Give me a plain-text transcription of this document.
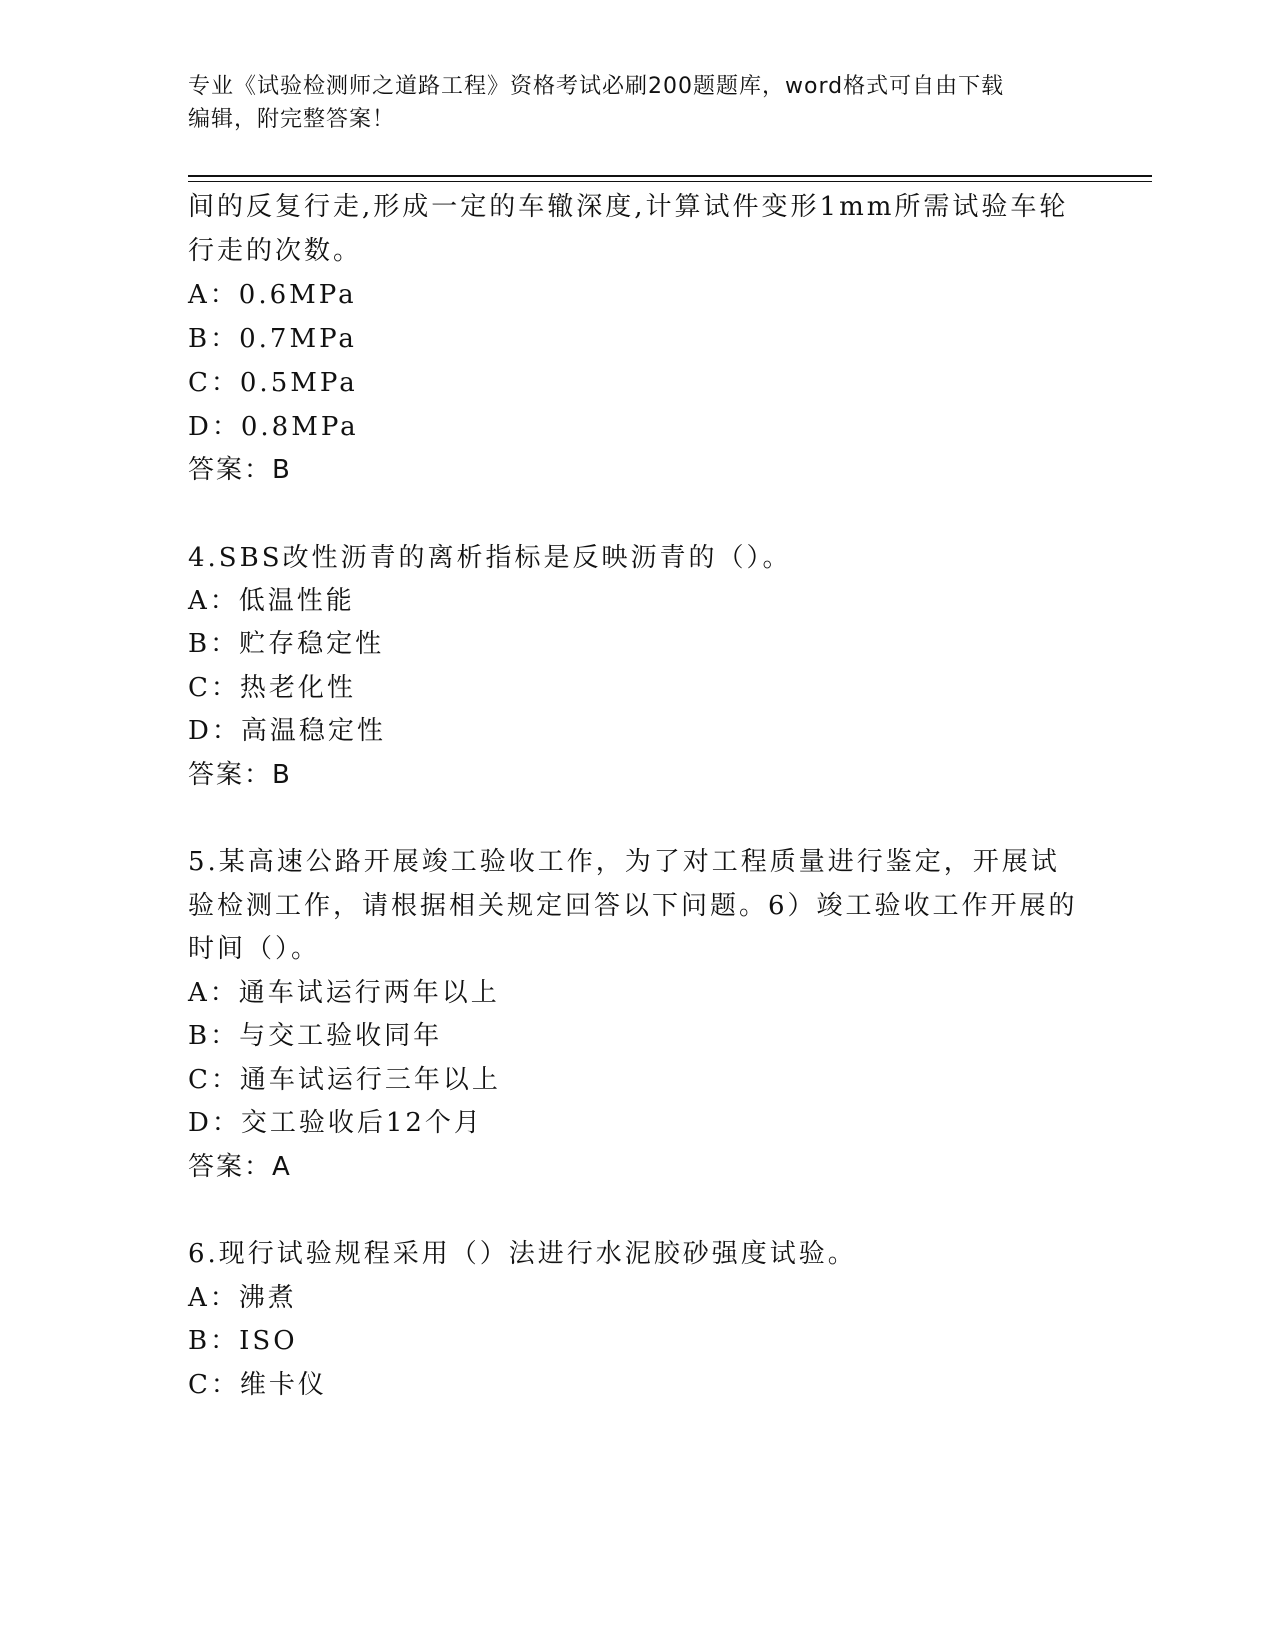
专业《试验检测师之道路工程》资格考试必刷200题题库，word格式可自由下载
编辑，附完整答案！
间的反复行走,形成一定的车辙深度,计算试件变形1mm所需试验车轮
行走的次数。
A：0.6MPa
B：0.7MPa
C：0.5MPa
D：0.8MPa
答案：B
4.SBS改性沥青的离析指标是反映沥青的（）。
A：低温性能
B：贮存稳定性
C：热老化性
D：高温稳定性
答案：B
5.某高速公路开展竣工验收工作，为了对工程质量进行鉴定，开展试
验检测工作，请根据相关规定回答以下问题。6）竣工验收工作开展的
时间（）。
A：通车试运行两年以上
B：与交工验收同年
C：通车试运行三年以上
D：交工验收后12个月
答案：A
6.现行试验规程采用（）法进行水泥胶砂强度试验。
A：沸煮
B：ISO
C：维卡仪
